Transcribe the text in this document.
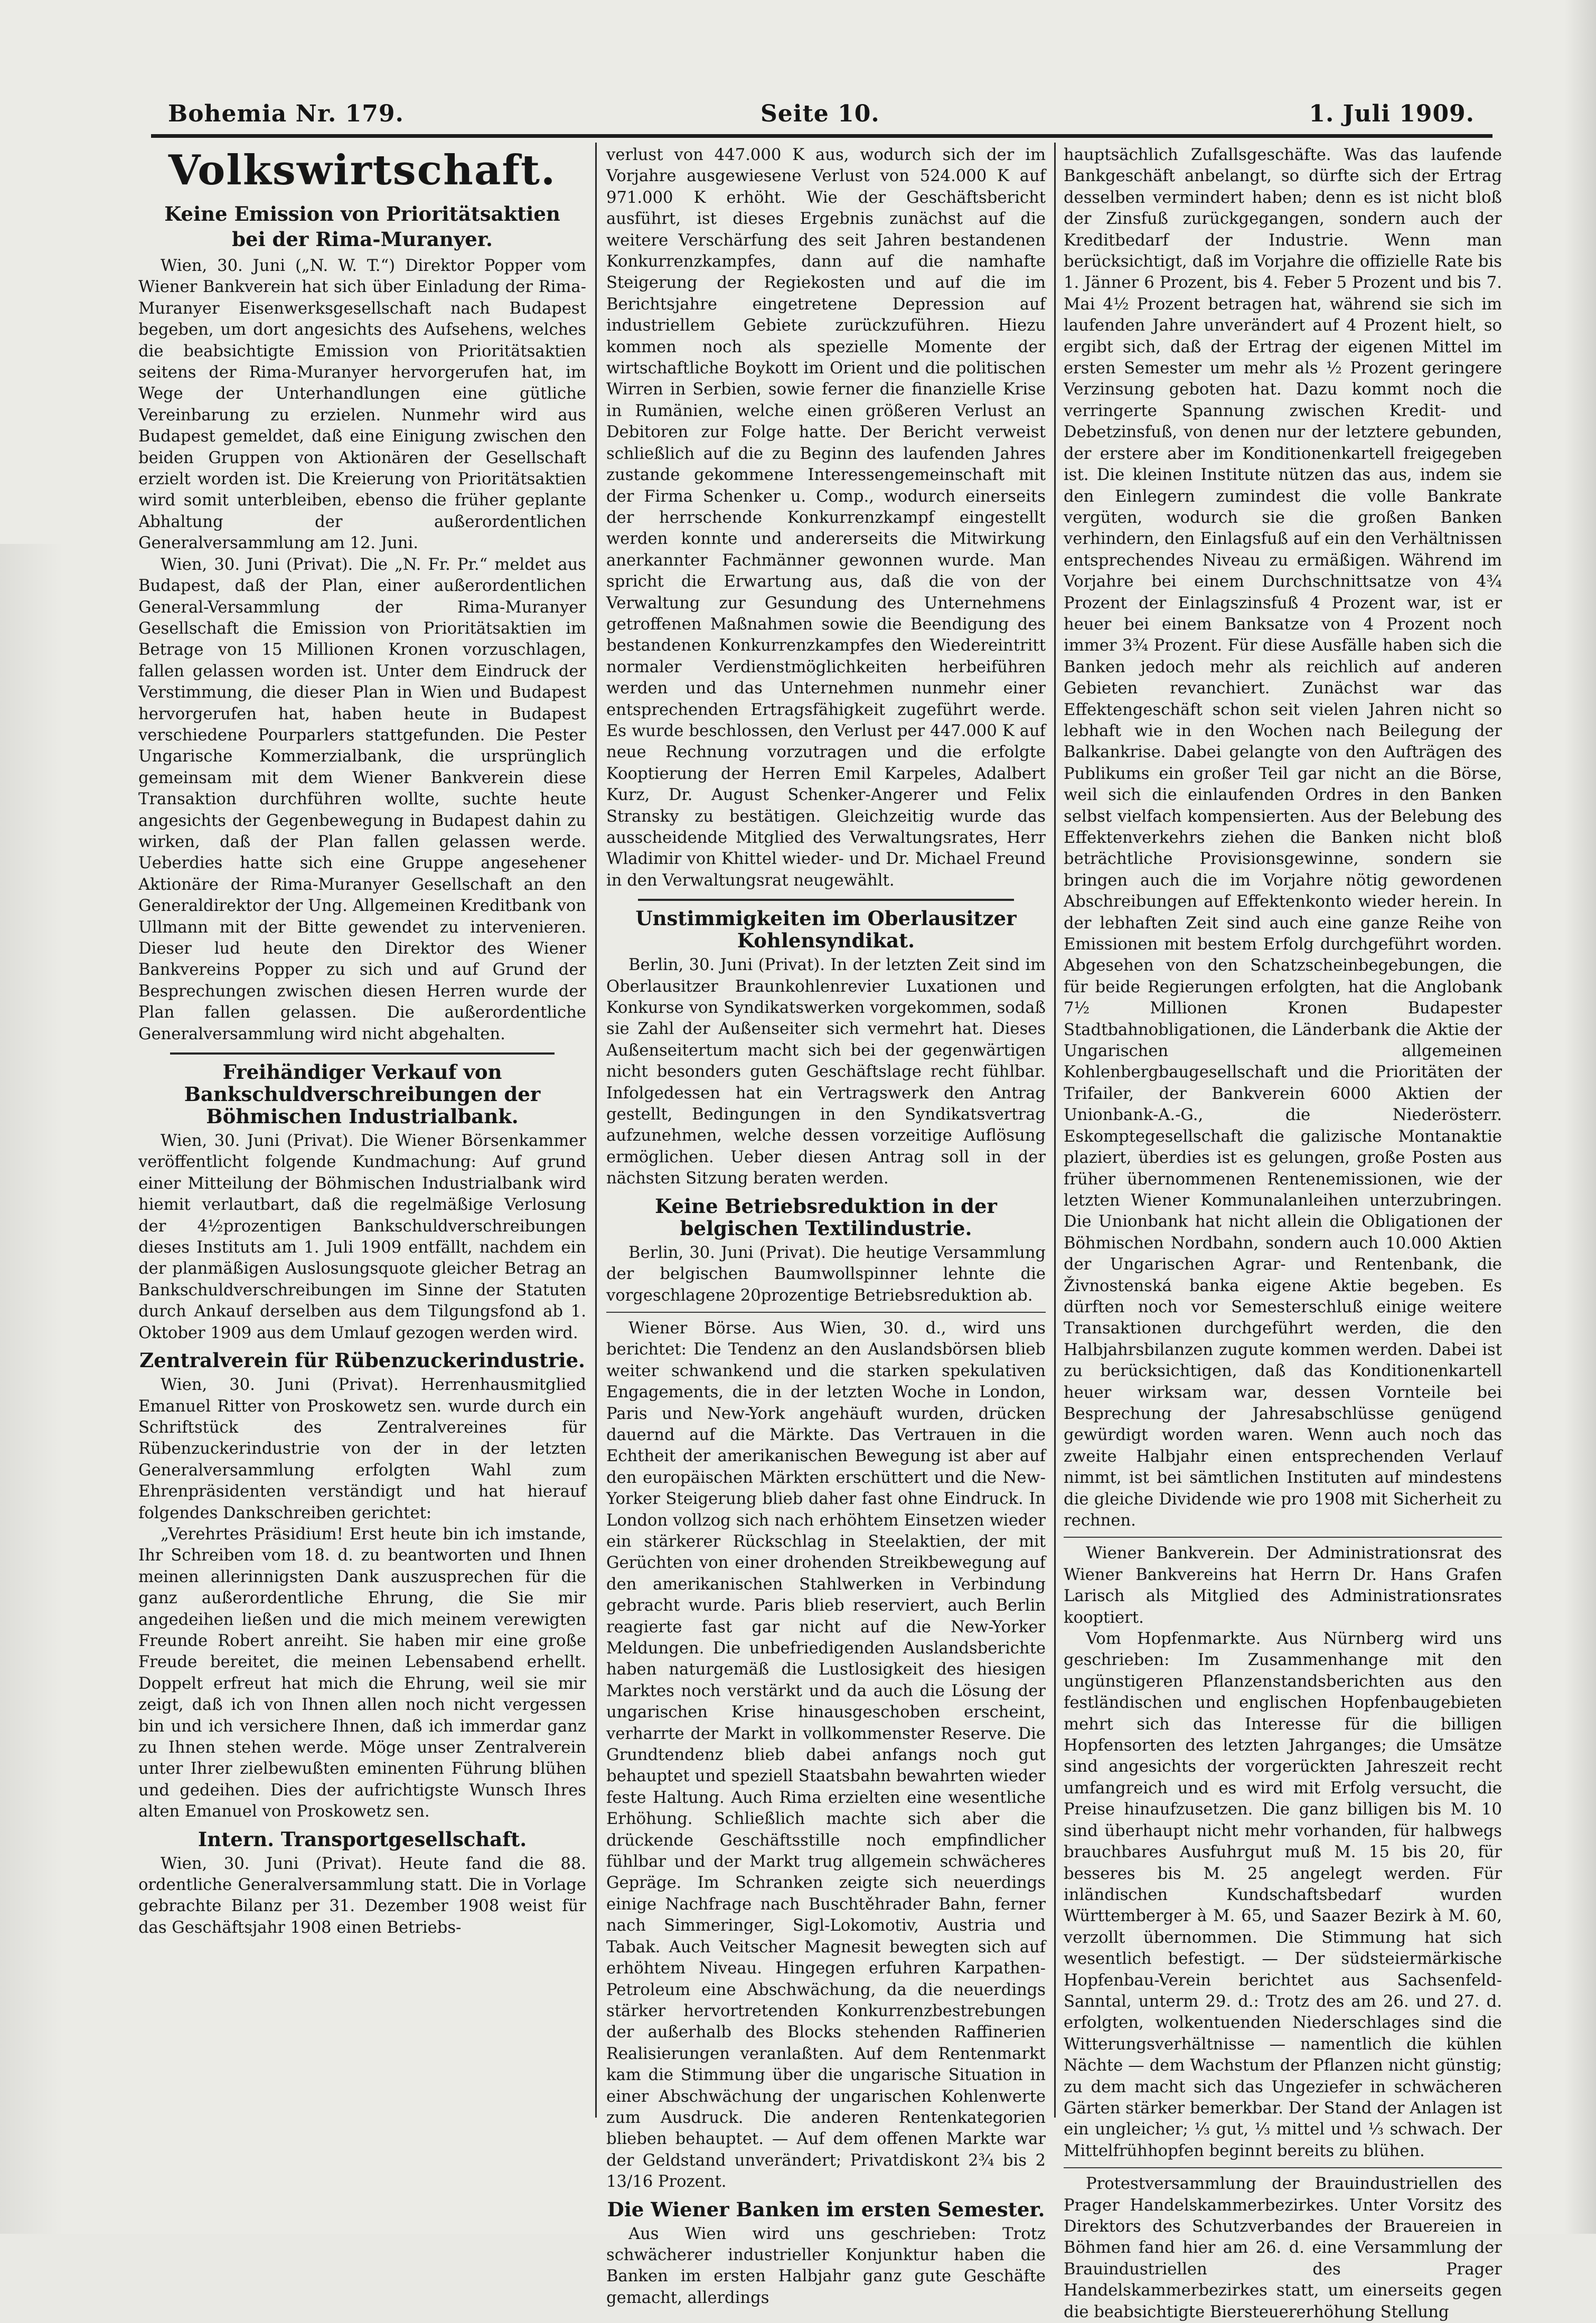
Bohemia Nr. 179.	Seite 10.	1. Juli 1909.
Volkswirtschaft.
Keine Emission von Prioritätsaktien
bei der Rima-Muranyer.

Wien, 30. Juni („N. W. T.“) Direktor Popper vom Wiener Bankverein hat sich über Einladung der Rima-Muranyer Eisenwerksgesellschaft nach Budapest begeben, um dort angesichts des Aufsehens, welches die beabsichtigte Emission von Prioritätsaktien seitens der Rima-Muranyer hervorgerufen hat, im Wege der Unterhandlungen eine gütliche Vereinbarung zu erzielen. Nunmehr wird aus Budapest gemeldet, daß eine Einigung zwischen den beiden Gruppen von Aktionären der Gesellschaft erzielt worden ist. Die Kreierung von Prioritätsaktien wird somit unterbleiben, ebenso die früher geplante Abhaltung der außerordentlichen Generalversammlung am 12. Juni.

Wien, 30. Juni (Privat). Die „N. Fr. Pr.“ meldet aus Budapest, daß der Plan, einer außerordentlichen General-Versammlung der Rima-Muranyer Gesellschaft die Emission von Prioritätsaktien im Betrage von 15 Millionen Kronen vorzuschlagen, fallen gelassen worden ist. Unter dem Eindruck der Verstimmung, die dieser Plan in Wien und Budapest hervorgerufen hat, haben heute in Budapest verschiedene Pourparlers stattgefunden. Die Pester Ungarische Kommerzialbank, die ursprünglich gemeinsam mit dem Wiener Bankverein diese Transaktion durchführen wollte, suchte heute angesichts der Gegenbewegung in Budapest dahin zu wirken, daß der Plan fallen gelassen werde. Ueberdies hatte sich eine Gruppe angesehener Aktionäre der Rima-Muranyer Gesellschaft an den Generaldirektor der Ung. Allgemeinen Kreditbank von Ullmann mit der Bitte gewendet zu intervenieren. Dieser lud heute den Direktor des Wiener Bankvereins Popper zu sich und auf Grund der Besprechungen zwischen diesen Herren wurde der Plan fallen gelassen. Die außerordentliche Generalversammlung wird nicht abgehalten.

Freihändiger Verkauf von Bankschuldverschreibungen der Böhmischen Industrialbank.

Wien, 30. Juni (Privat). Die Wiener Börsenkammer veröffentlicht folgende Kundmachung: Auf grund einer Mitteilung der Böhmischen Industrialbank wird hiemit verlautbart, daß die regelmäßige Verlosung der 4½prozentigen Bankschuldverschreibungen dieses Instituts am 1. Juli 1909 entfällt, nachdem ein der planmäßigen Auslosungsquote gleicher Betrag an Bankschuldverschreibungen im Sinne der Statuten durch Ankauf derselben aus dem Tilgungsfond ab 1. Oktober 1909 aus dem Umlauf gezogen werden wird.

Zentralverein für Rübenzuckerindustrie.

Wien, 30. Juni (Privat). Herrenhausmitglied Emanuel Ritter von Proskowetz sen. wurde durch ein Schriftstück des Zentralvereines für Rübenzuckerindustrie von der in der letzten Generalversammlung erfolgten Wahl zum Ehrenpräsidenten verständigt und hat hierauf folgendes Dankschreiben gerichtet:

„Verehrtes Präsidium! Erst heute bin ich imstande, Ihr Schreiben vom 18. d. zu beantworten und Ihnen meinen allerinnigsten Dank auszusprechen für die ganz außerordentliche Ehrung, die Sie mir angedeihen ließen und die mich meinem verewigten Freunde Robert anreiht. Sie haben mir eine große Freude bereitet, die meinen Lebensabend erhellt. Doppelt erfreut hat mich die Ehrung, weil sie mir zeigt, daß ich von Ihnen allen noch nicht vergessen bin und ich versichere Ihnen, daß ich immerdar ganz zu Ihnen stehen werde. Möge unser Zentralverein unter Ihrer zielbewußten eminenten Führung blühen und gedeihen. Dies der aufrichtigste Wunsch Ihres alten Emanuel von Proskowetz sen.

Intern. Transportgesellschaft.

Wien, 30. Juni (Privat). Heute fand die 88. ordentliche Generalversammlung statt. Die in Vorlage gebrachte Bilanz per 31. Dezember 1908 weist für das Geschäftsjahr 1908 einen Betriebs-

verlust von 447.000 K aus, wodurch sich der im Vorjahre ausgewiesene Verlust von 524.000 K auf 971.000 K erhöht. Wie der Geschäftsbericht ausführt, ist dieses Ergebnis zunächst auf die weitere Verschärfung des seit Jahren bestandenen Konkurrenzkampfes, dann auf die namhafte Steigerung der Regiekosten und auf die im Berichtsjahre eingetretene Depression auf industriellem Gebiete zurückzuführen. Hiezu kommen noch als spezielle Momente der wirtschaftliche Boykott im Orient und die politischen Wirren in Serbien, sowie ferner die finanzielle Krise in Rumänien, welche einen größeren Verlust an Debitoren zur Folge hatte. Der Bericht verweist schließlich auf die zu Beginn des laufenden Jahres zustande gekommene Interessengemeinschaft mit der Firma Schenker u. Comp., wodurch einerseits der herrschende Konkurrenzkampf eingestellt werden konnte und andererseits die Mitwirkung anerkannter Fachmänner gewonnen wurde. Man spricht die Erwartung aus, daß die von der Verwaltung zur Gesundung des Unternehmens getroffenen Maßnahmen sowie die Beendigung des bestandenen Konkurrenzkampfes den Wiedereintritt normaler Verdienstmöglichkeiten herbeiführen werden und das Unternehmen nunmehr einer entsprechenden Ertragsfähigkeit zugeführt werde. Es wurde beschlossen, den Verlust per 447.000 K auf neue Rechnung vorzutragen und die erfolgte Kooptierung der Herren Emil Karpeles, Adalbert Kurz, Dr. August Schenker-Angerer und Felix Stransky zu bestätigen. Gleichzeitig wurde das ausscheidende Mitglied des Verwaltungsrates, Herr Wladimir von Khittel wieder- und Dr. Michael Freund in den Verwaltungsrat neugewählt.

Unstimmigkeiten im Oberlausitzer Kohlensyndikat.

Berlin, 30. Juni (Privat). In der letzten Zeit sind im Oberlausitzer Braunkohlenrevier Luxationen und Konkurse von Syndikatswerken vorgekommen, sodaß sie Zahl der Außenseiter sich vermehrt hat. Dieses Außenseitertum macht sich bei der gegenwärtigen nicht besonders guten Geschäftslage recht fühlbar. Infolgedessen hat ein Vertragswerk den Antrag gestellt, Bedingungen in den Syndikatsvertrag aufzunehmen, welche dessen vorzeitige Auflösung ermöglichen. Ueber diesen Antrag soll in der nächsten Sitzung beraten werden.

Keine Betriebsreduktion in der belgischen Textilindustrie.

Berlin, 30. Juni (Privat). Die heutige Versammlung der belgischen Baumwollspinner lehnte die vorgeschlagene 20prozentige Betriebsreduktion ab.

Wiener Börse. Aus Wien, 30. d., wird uns berichtet: Die Tendenz an den Auslandsbörsen blieb weiter schwankend und die starken spekulativen Engagements, die in der letzten Woche in London, Paris und New-York angehäuft wurden, drücken dauernd auf die Märkte. Das Vertrauen in die Echtheit der amerikanischen Bewegung ist aber auf den europäischen Märkten erschüttert und die New-Yorker Steigerung blieb daher fast ohne Eindruck. In London vollzog sich nach erhöhtem Einsetzen wieder ein stärkerer Rückschlag in Steelaktien, der mit Gerüchten von einer drohenden Streikbewegung auf den amerikanischen Stahlwerken in Verbindung gebracht wurde. Paris blieb reserviert, auch Berlin reagierte fast gar nicht auf die New-Yorker Meldungen. Die unbefriedigenden Auslandsberichte haben naturgemäß die Lustlosigkeit des hiesigen Marktes noch verstärkt und da auch die Lösung der ungarischen Krise hinausgeschoben erscheint, verharrte der Markt in vollkommenster Reserve. Die Grundtendenz blieb dabei anfangs noch gut behauptet und speziell Staatsbahn bewahrten wieder feste Haltung. Auch Rima erzielten eine wesentliche Erhöhung. Schließlich machte sich aber die drückende Geschäftsstille noch empfindlicher fühlbar und der Markt trug allgemein schwächeres Gepräge. Im Schranken zeigte sich neuerdings einige Nachfrage nach Buschtěhrader Bahn, ferner nach Simmeringer, Sigl-Lokomotiv, Austria und Tabak. Auch Veitscher Magnesit bewegten sich auf erhöhtem Niveau. Hingegen erfuhren Karpathen-Petroleum eine Abschwächung, da die neuerdings stärker hervortretenden Konkurrenzbestrebungen der außerhalb des Blocks stehenden Raffinerien Realisierungen veranlaßten. Auf dem Rentenmarkt kam die Stimmung über die ungarische Situation in einer Abschwächung der ungarischen Kohlenwerte zum Ausdruck. Die anderen Rentenkategorien blieben behauptet. — Auf dem offenen Markte war der Geldstand unverändert; Privatdiskont 2¾ bis 2 13/16 Prozent.

Die Wiener Banken im ersten Semester.

Aus Wien wird uns geschrieben: Trotz schwächerer industrieller Konjunktur haben die Banken im ersten Halbjahr ganz gute Geschäfte gemacht, allerdings

hauptsächlich Zufallsgeschäfte. Was das laufende Bankgeschäft anbelangt, so dürfte sich der Ertrag desselben vermindert haben; denn es ist nicht bloß der Zinsfuß zurückgegangen, sondern auch der Kreditbedarf der Industrie. Wenn man berücksichtigt, daß im Vorjahre die offizielle Rate bis 1. Jänner 6 Prozent, bis 4. Feber 5 Prozent und bis 7. Mai 4½ Prozent betragen hat, während sie sich im laufenden Jahre unverändert auf 4 Prozent hielt, so ergibt sich, daß der Ertrag der eigenen Mittel im ersten Semester um mehr als ½ Prozent geringere Verzinsung geboten hat. Dazu kommt noch die verringerte Spannung zwischen Kredit- und Debetzinsfuß, von denen nur der letztere gebunden, der erstere aber im Konditionenkartell freigegeben ist. Die kleinen Institute nützen das aus, indem sie den Einlegern zumindest die volle Bankrate vergüten, wodurch sie die großen Banken verhindern, den Einlagsfuß auf ein den Verhältnissen entsprechendes Niveau zu ermäßigen. Während im Vorjahre bei einem Durchschnittsatze von 4¾ Prozent der Einlagszinsfuß 4 Prozent war, ist er heuer bei einem Banksatze von 4 Prozent noch immer 3¾ Prozent. Für diese Ausfälle haben sich die Banken jedoch mehr als reichlich auf anderen Gebieten revanchiert. Zunächst war das Effektengeschäft schon seit vielen Jahren nicht so lebhaft wie in den Wochen nach Beilegung der Balkankrise. Dabei gelangte von den Aufträgen des Publikums ein großer Teil gar nicht an die Börse, weil sich die einlaufenden Ordres in den Banken selbst vielfach kompensierten. Aus der Belebung des Effektenverkehrs ziehen die Banken nicht bloß beträchtliche Provisionsgewinne, sondern sie bringen auch die im Vorjahre nötig gewordenen Abschreibungen auf Effektenkonto wieder herein. In der lebhaften Zeit sind auch eine ganze Reihe von Emissionen mit bestem Erfolg durchgeführt worden. Abgesehen von den Schatzscheinbegebungen, die für beide Regierungen erfolgten, hat die Anglobank 7½ Millionen Kronen Budapester Stadtbahnobligationen, die Länderbank die Aktie der Ungarischen allgemeinen Kohlenbergbaugesellschaft und die Prioritäten der Trifailer, der Bankverein 6000 Aktien der Unionbank-A.-G., die Niederösterr. Eskomptegesellschaft die galizische Montanaktie plaziert, überdies ist es gelungen, große Posten aus früher übernommenen Rentenemissionen, wie der letzten Wiener Kommunalanleihen unterzubringen. Die Unionbank hat nicht allein die Obligationen der Böhmischen Nordbahn, sondern auch 10.000 Aktien der Ungarischen Agrar- und Rentenbank, die Živnostenská banka eigene Aktie begeben. Es dürften noch vor Semesterschluß einige weitere Transaktionen durchgeführt werden, die den Halbjahrsbilanzen zugute kommen werden. Dabei ist zu berücksichtigen, daß das Konditionenkartell heuer wirksam war, dessen Vornteile bei Besprechung der Jahresabschlüsse genügend gewürdigt worden waren. Wenn auch noch das zweite Halbjahr einen entsprechenden Verlauf nimmt, ist bei sämtlichen Instituten auf mindestens die gleiche Dividende wie pro 1908 mit Sicherheit zu rechnen.

Wiener Bankverein. Der Administrationsrat des Wiener Bankvereins hat Herrn Dr. Hans Grafen Larisch als Mitglied des Administrationsrates kooptiert.

Vom Hopfenmarkte. Aus Nürnberg wird uns geschrieben: Im Zusammenhange mit den ungünstigeren Pflanzenstandsberichten aus den festländischen und englischen Hopfenbaugebieten mehrt sich das Interesse für die billigen Hopfensorten des letzten Jahrganges; die Umsätze sind angesichts der vorgerückten Jahreszeit recht umfangreich und es wird mit Erfolg versucht, die Preise hinaufzusetzen. Die ganz billigen bis M. 10 sind überhaupt nicht mehr vorhanden, für halbwegs brauchbares Ausfuhrgut muß M. 15 bis 20, für besseres bis M. 25 angelegt werden. Für inländischen Kundschaftsbedarf wurden Württemberger à M. 65, und Saazer Bezirk à M. 60, verzollt übernommen. Die Stimmung hat sich wesentlich befestigt. — Der südsteiermärkische Hopfenbau-Verein berichtet aus Sachsenfeld-Sanntal, unterm 29. d.: Trotz des am 26. und 27. d. erfolgten, wolkentuenden Niederschlages sind die Witterungsverhältnisse — namentlich die kühlen Nächte — dem Wachstum der Pflanzen nicht günstig; zu dem macht sich das Ungeziefer in schwächeren Gärten stärker bemerkbar. Der Stand der Anlagen ist ein ungleicher; ⅓ gut, ⅓ mittel und ⅓ schwach. Der Mittelfrühhopfen beginnt bereits zu blühen.

Protestversammlung der Brauindustriellen des Prager Handelskammerbezirkes. Unter Vorsitz des Direktors des Schutzverbandes der Brauereien in Böhmen fand hier am 26. d. eine Versammlung der Brauindustriellen des Prager Handelskammerbezirkes statt, um einerseits gegen die beabsichtigte Biersteuererhöhung Stellung
